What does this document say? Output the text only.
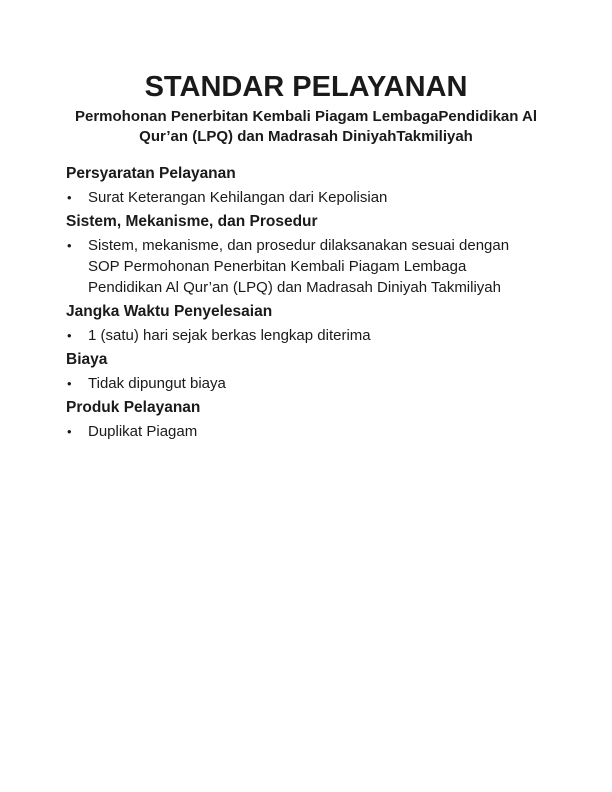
STANDAR PELAYANAN
Permohonan Penerbitan Kembali Piagam LembagaPendidikan Al Qur’an (LPQ) dan Madrasah DiniyahTakmiliyah
Persyaratan Pelayanan
•	Surat Keterangan Kehilangan dari Kepolisian
Sistem, Mekanisme, dan Prosedur
•	Sistem, mekanisme, dan prosedur dilaksanakan sesuai dengan SOP Permohonan Penerbitan Kembali Piagam Lembaga Pendidikan Al Qur’an (LPQ) dan Madrasah Diniyah Takmiliyah
Jangka Waktu Penyelesaian
•	1 (satu) hari sejak berkas lengkap diterima
Biaya
•	Tidak dipungut biaya
Produk Pelayanan
•	Duplikat Piagam
